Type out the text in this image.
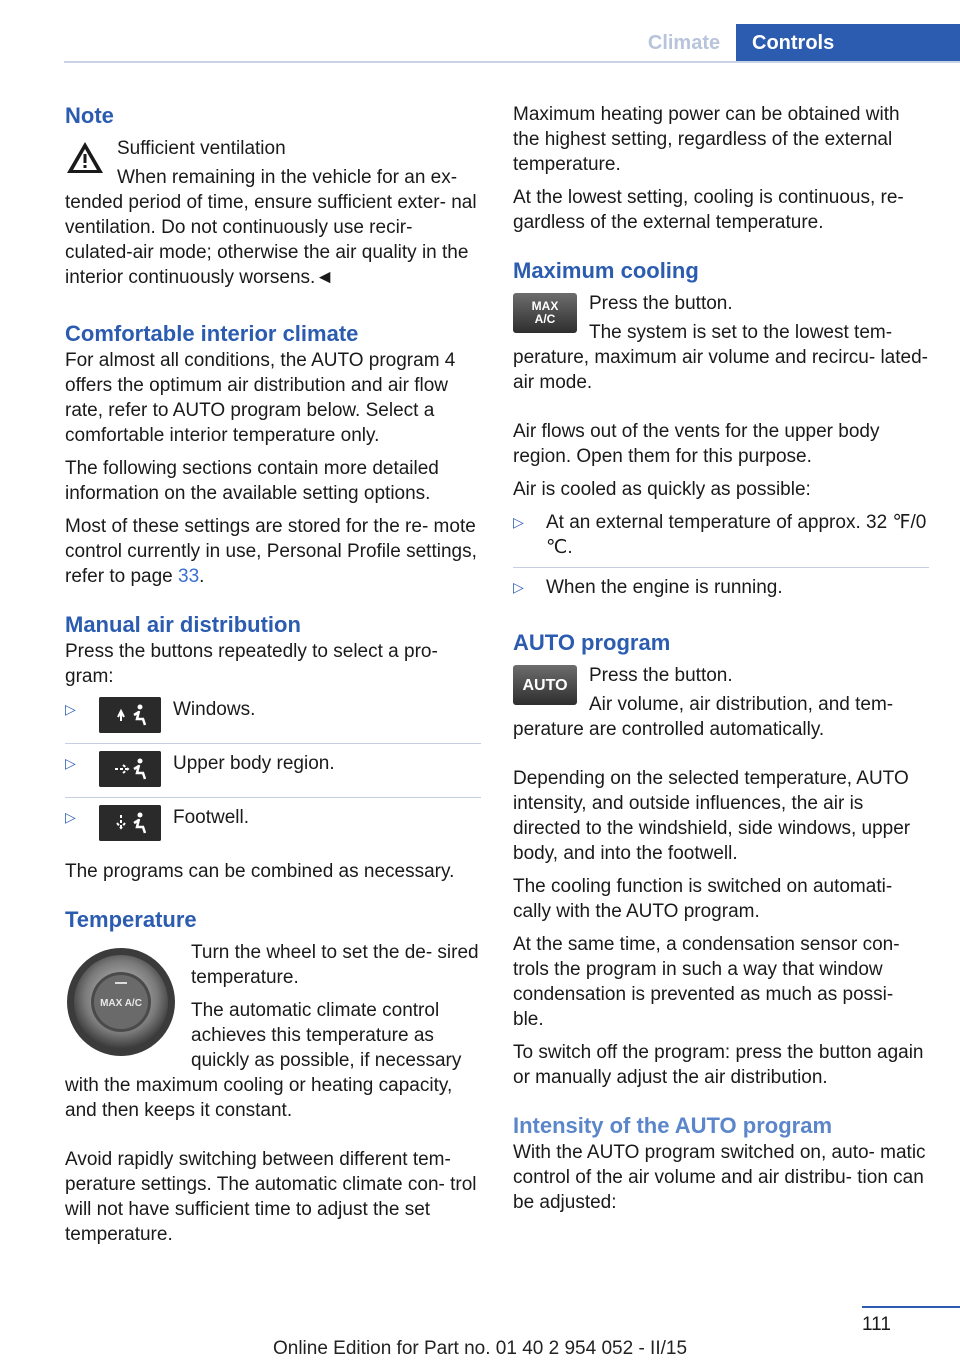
Climate	Controls
Note

Sufficient ventilation

When remaining in the vehicle for an ex- tended period of time, ensure sufficient exter- nal ventilation. Do not continuously use recir- culated-air mode; otherwise the air quality in the interior continuously worsens.◄

Comfortable interior climate

For almost all conditions, the AUTO program 4 offers the optimum air distribution and air flow rate, refer to AUTO program below. Select a comfortable interior temperature only.

The following sections contain more detailed information on the available setting options.

Most of these settings are stored for the re- mote control currently in use, Personal Profile settings, refer to page 33.

Manual air distribution

Press the buttons repeatedly to select a pro- gram:

▷	Windows.
▷	Upper body region.
▷	Footwell.

The programs can be combined as necessary.

Temperature
MAX A/C

Turn the wheel to set the de- sired temperature.

The automatic climate control achieves this temperature as quickly as possible, if necessary with the maximum cooling or heating capacity, and then keeps it constant.

Avoid rapidly switching between different tem- perature settings. The automatic climate con- trol will not have sufficient time to adjust the set temperature.

Maximum heating power can be obtained with the highest setting, regardless of the external temperature.

At the lowest setting, cooling is continuous, re- gardless of the external temperature.

Maximum cooling
MAX
A/C

Press the button.

The system is set to the lowest tem- perature, maximum air volume and recircu- lated-air mode.

Air flows out of the vents for the upper body region. Open them for this purpose.

Air is cooled as quickly as possible:

▷ At an external temperature of approx. 32 ℉/0 ℃.
▷ When the engine is running.
AUTO program
AUTO	Press the button.

Air volume, air distribution, and tem- perature are controlled automatically.

Depending on the selected temperature, AUTO intensity, and outside influences, the air is directed to the windshield, side windows, upper body, and into the footwell.

The cooling function is switched on automati- cally with the AUTO program.

At the same time, a condensation sensor con- trols the program in such a way that window condensation is prevented as much as possi- ble.

To switch off the program: press the button again or manually adjust the air distribution.

Intensity of the AUTO program

With the AUTO program switched on, auto- matic control of the air volume and air distribu- tion can be adjusted:

111
Online Edition for Part no. 01 40 2 954 052 - II/15
